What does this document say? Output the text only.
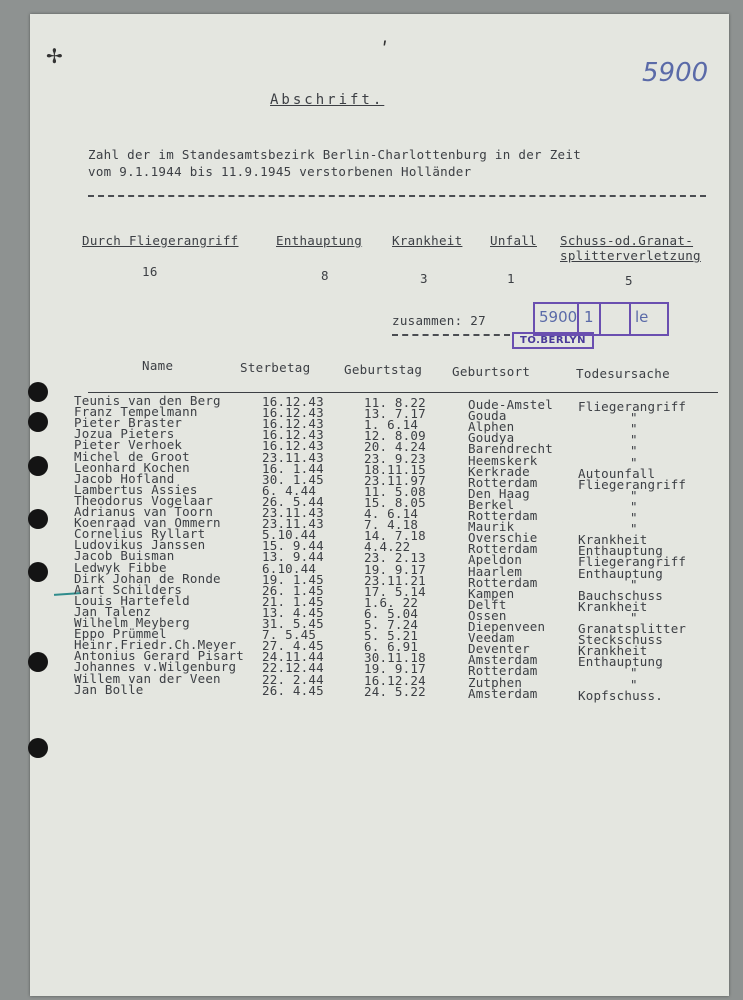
✢	ʹ
5900
Abschrift.
Zahl der im Standesamtsbezirk Berlin-Charlottenburg in der Zeit
vom 9.1.1944 bis 11.9.1945 verstorbenen Holländer
Durch Fliegerangriff	Enthauptung Krankheit Unfall Schuss-od.Granat-
splitterverletzung
16	8	3	1	5
zusammen: 27	5900 1	le
TO.BERLYN
Name	Sterbetag	Geburtstag Geburtsort	Todesursache
Teunis van den Berg	16.12.43	11. 8.22	Oude-Amstel Fliegerangriff
Franz Tempelmann	16.12.43	13. 7.17	Gouda	"
Pieter Braster	16.12.43	1. 6.14	Alphen	"
Jozua Pieters	16.12.43	12. 8.09	Goudya	"
Pieter Verhoek	16.12.43	20. 4.24	Barendrecht	"
Michel de Groot	23.11.43	23. 9.23	Heemskerk	"
Leonhard Kochen	16. 1.44	18.11.15	Kerkrade	Autounfall
Jacob Hofland	30. 1.45	23.11.97	Rotterdam	Fliegerangriff
Lambertus Assies	6. 4.44	11. 5.08	Den Haag	"
Theodorus Vogelaar	26. 5.44	15. 8.05	Berkel	"
Adrianus van Toorn	23.11.43	4. 6.14	Rotterdam	"
Koenraad van Ommern	23.11.43	7. 4.18	Maurik	"
Cornelius Ryllart	5.10.44	14. 7.18	Overschie	Krankheit
Ludovikus Janssen	15. 9.44	4.4.22	Rotterdam	Enthauptung
Jacob Buisman	13. 9.44	23. 2.13	Apeldon	Fliegerangriff
Ledwyk Fibbe	6.10.44	19. 9.17	Haarlem	Enthauptung
Dirk Johan de Ronde	19. 1.45	23.11.21	Rotterdam	"
Aart Schilders	26. 1.45	17. 5.14	Kampen	Bauchschuss
Louis Hartefeld	21. 1.45	1.6. 22	Delft	Krankheit
Jan Talenz	13. 4.45	6. 5.04	Ossen	"
Wilhelm Meyberg	31. 5.45	5. 7.24	Diepenveen	Granatsplitter
Eppo Prümmel	7. 5.45	5. 5.21	Veedam	Steckschuss
Heinr.Friedr.Ch.Meyer 27. 4.45	6. 6.91	Deventer	Krankheit
Antonius Gerard Pisart 24.11.44	30.11.18	Amsterdam	Enthauptung
Johannes v.Wilgenburg 22.12.44	19. 9.17	Rotterdam	"
Willem van der Veen	22. 2.44	16.12.24	Zutphen	"
Jan Bolle	26. 4.45	24. 5.22	Amsterdam	Kopfschuss.
